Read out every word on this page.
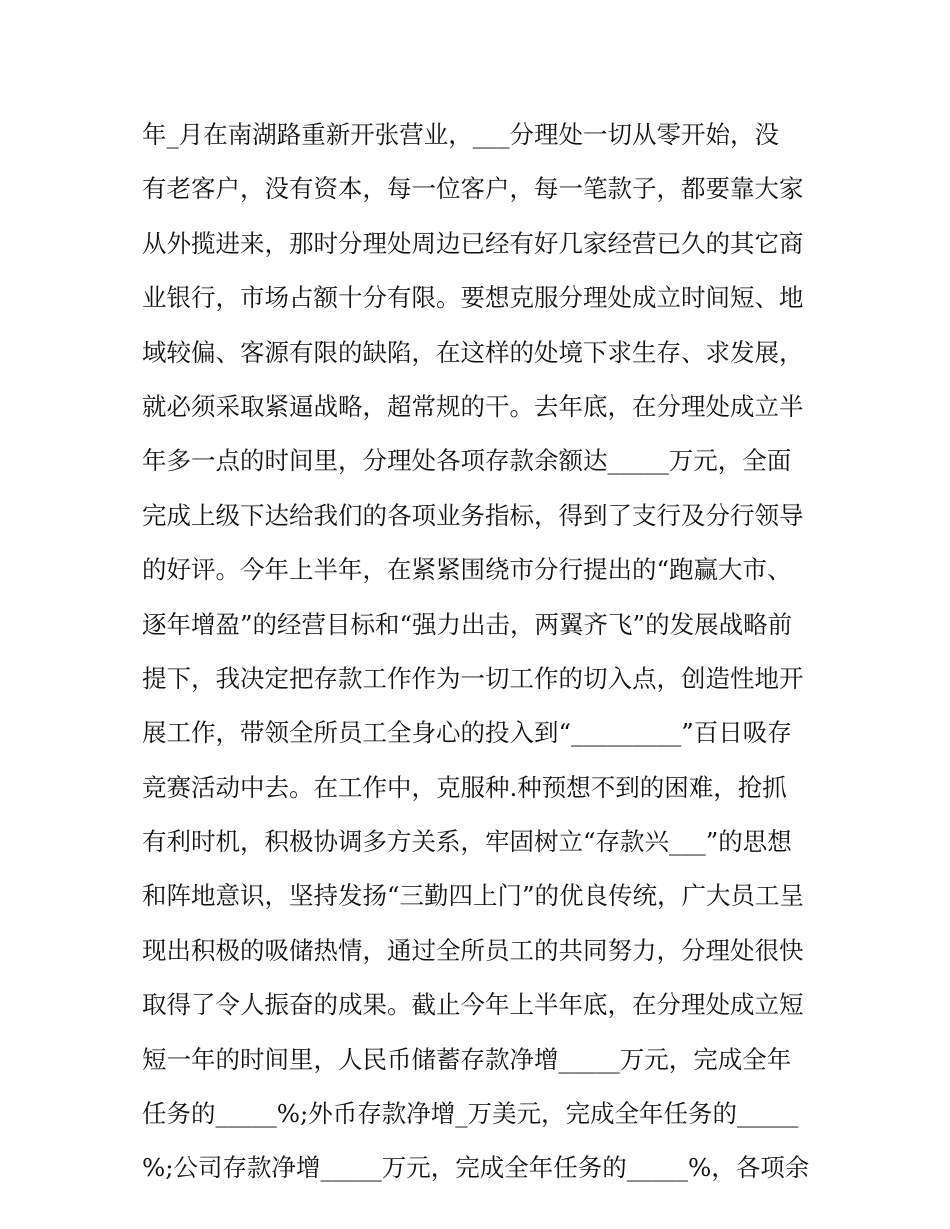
年_月在南湖路重新开张营业，___分理处一切从零开始，没
有老客户，没有资本，每一位客户，每一笔款子，都要靠大家
从外揽进来，那时分理处周边已经有好几家经营已久的其它商
业银行，市场占额十分有限。要想克服分理处成立时间短、地
域较偏、客源有限的缺陷，在这样的处境下求生存、求发展，
就必须采取紧逼战略，超常规的干。去年底，在分理处成立半
年多一点的时间里，分理处各项存款余额达_____万元，全面
完成上级下达给我们的各项业务指标，得到了支行及分行领导
的好评。今年上半年，在紧紧围绕市分行提出的“跑赢大市、
逐年增盈”的经营目标和“强力出击，两翼齐飞”的发展战略前
提下，我决定把存款工作作为一切工作的切入点，创造性地开
展工作，带领全所员工全身心的投入到“_________”百日吸存
竞赛活动中去。在工作中，克服种.种预想不到的困难，抢抓
有利时机，积极协调多方关系，牢固树立“存款兴___”的思想
和阵地意识，坚持发扬“三勤四上门”的优良传统，广大员工呈
现出积极的吸储热情，通过全所员工的共同努力，分理处很快
取得了令人振奋的成果。截止今年上半年底，在分理处成立短
短一年的时间里，人民币储蓄存款净增_____万元，完成全年
任务的_____%;外币存款净增_万美元，完成全年任务的_____
%;公司存款净增_____万元，完成全年任务的_____%，各项余
